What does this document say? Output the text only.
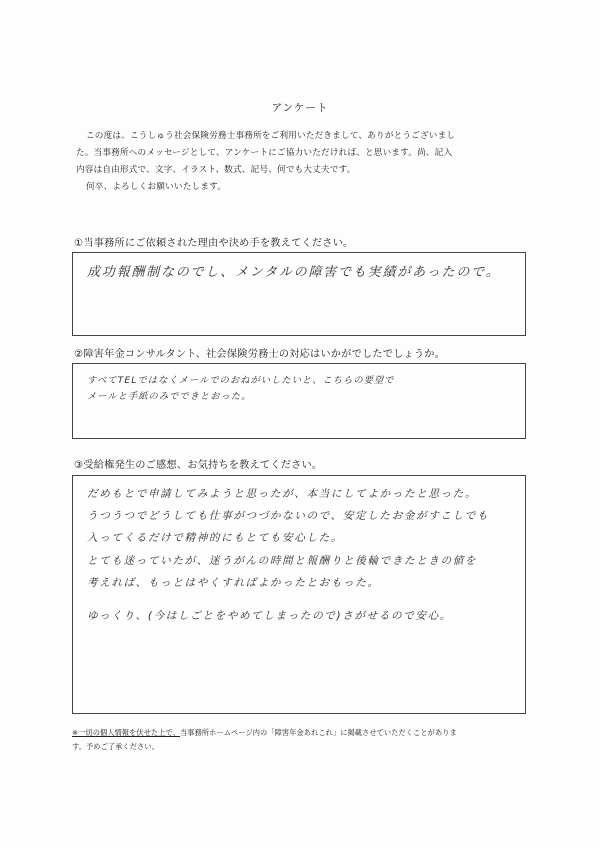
アンケート

この度は、こうしゅう社会保険労務士事務所をご利用いただきまして、ありがとうございまし

た。当事務所へのメッセージとして、アンケートにご協力いただければ、と思います。尚、記入

内容は自由形式で、文字、イラスト、数式、記号、何でも大丈夫です。

何卒、よろしくお願いいたします。

①当事務所にご依頼された理由や決め手を教えてください。
成功報酬制なのでし、メンタルの障害でも実績があったので。
②障害年金コンサルタント、社会保険労務士の対応はいかがでしたでしょうか。
すべてTELではなくメールでのおねがいしたいと、こちらの要望で
メールと手紙のみでできとおった。
③受給権発生のご感想、お気持ちを教えてください。
だめもとで申請してみようと思ったが、本当にしてよかったと思った。
うつうつでどうしても仕事がつづかないので、安定したお金がすこしでも
入ってくるだけで精神的にもとても安心した。
とても迷っていたが、迷うがんの時間と報酬りと後輪できたときの値を
考えれば、もっとはやくすればよかったとおもった。
ゆっくり、(今はしごとをやめてしまったので)さがせるので安心。

※一切の個人情報を伏せた上で、当事務所ホームページ内の「障害年金あれこれ」に掲載させていただくことがありま

す。予めご了承ください。
